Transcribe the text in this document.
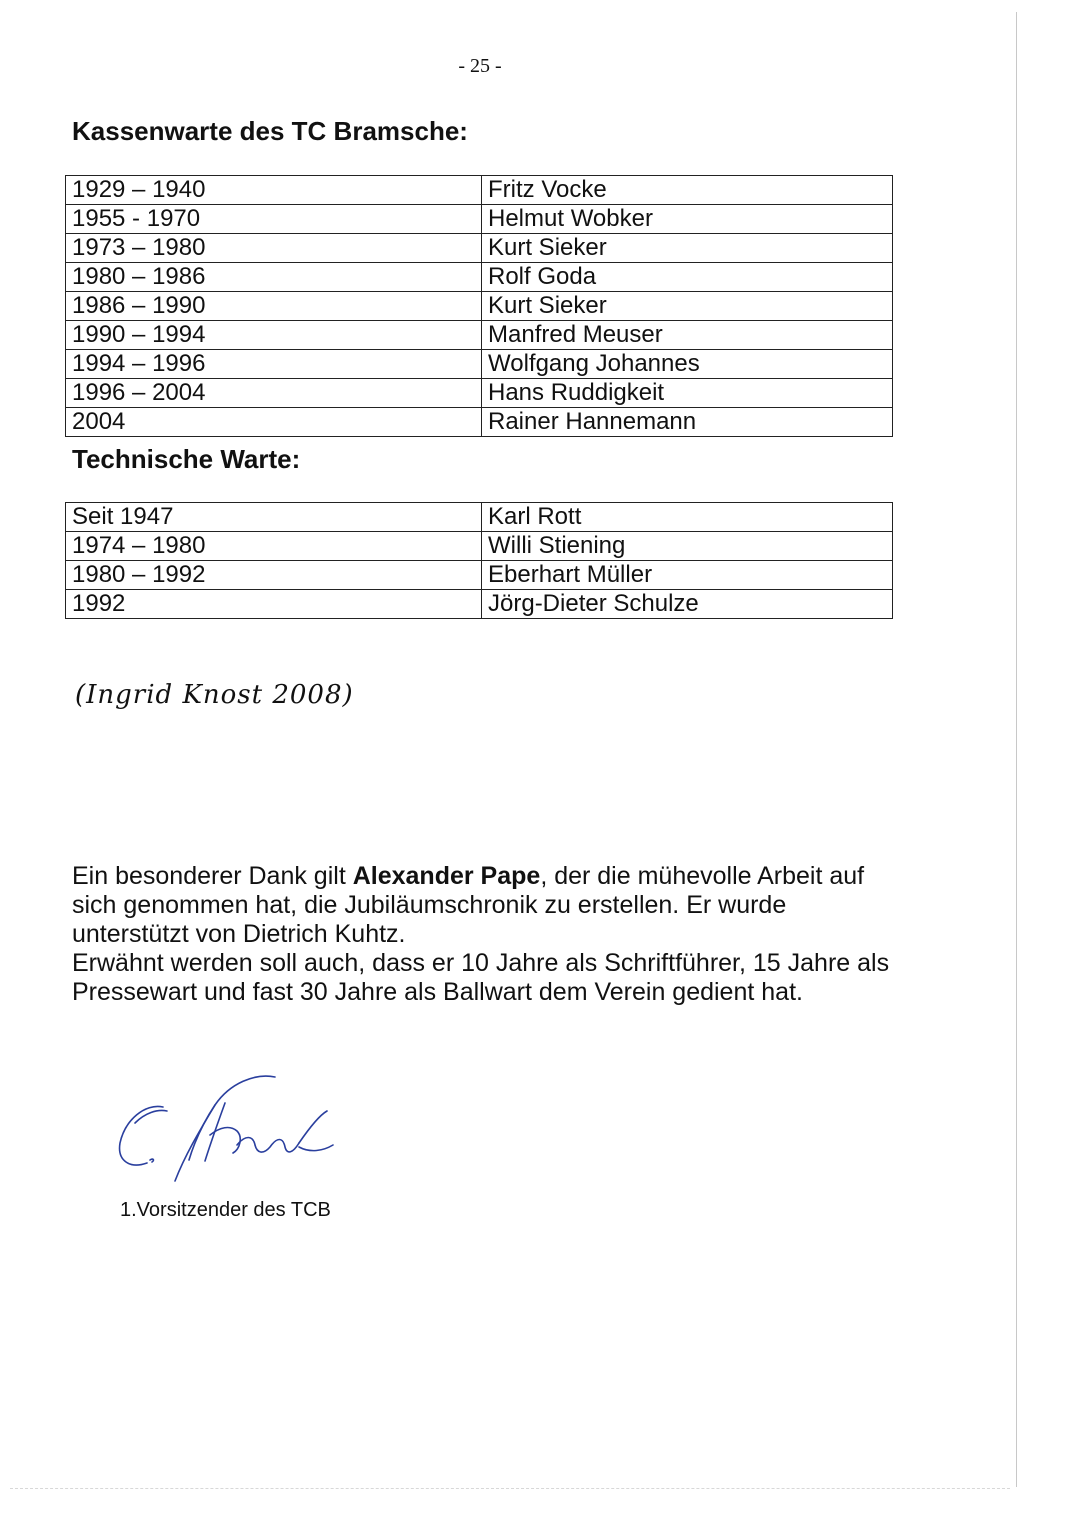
- 25 -
Kassenwarte des TC Bramsche:
1929 – 1940	Fritz Vocke
1955 - 1970	Helmut Wobker
1973 – 1980	Kurt Sieker
1980 – 1986	Rolf Goda
1986 – 1990	Kurt Sieker
1990 – 1994	Manfred Meuser
1994 – 1996	Wolfgang Johannes
1996 – 2004	Hans Ruddigkeit
2004	Rainer Hannemann
Technische Warte:
Seit 1947	Karl Rott
1974 – 1980	Willi Stiening
1980 – 1992	Eberhart Müller
1992	Jörg-Dieter Schulze
(Ingrid Knost 2008)
Ein besonderer Dank gilt Alexander Pape, der die mühevolle Arbeit auf sich genommen hat, die Jubiläumschronik zu erstellen. Er wurde unterstützt von Dietrich Kuhtz.
Erwähnt werden soll auch, dass er 10 Jahre als Schriftführer, 15 Jahre als Pressewart und fast 30 Jahre als Ballwart dem Verein gedient hat.
1.Vorsitzender des TCB
